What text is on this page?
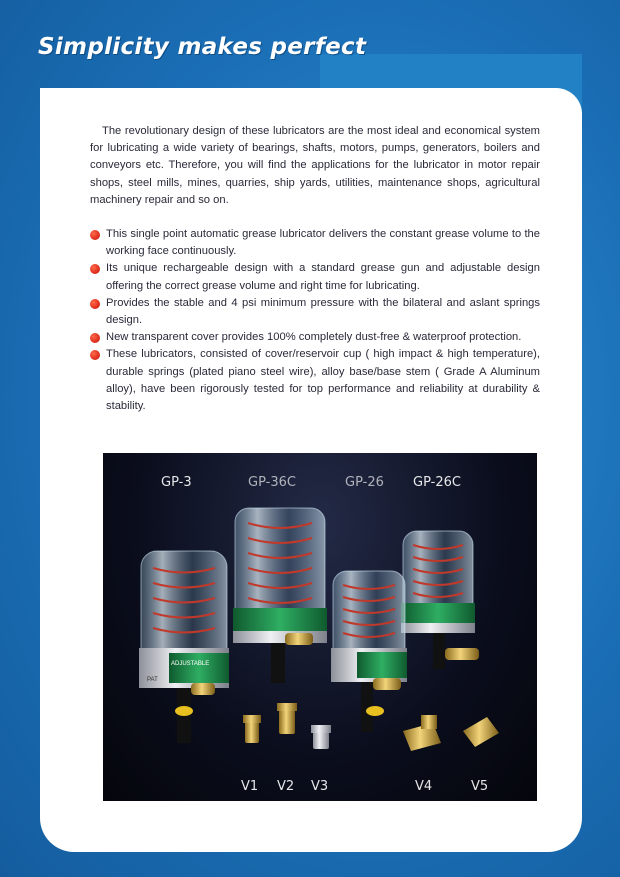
Simplicity makes perfect

The revolutionary design of these lubricators are the most ideal and economical system for lubricating a wide variety of bearings, shafts, motors, pumps, generators, boilers and conveyors etc. Therefore, you will find the applications for the lubricator in motor repair shops, steel mills, mines, quarries, ship yards, utilities, maintenance shops, agricultural machinery repair and so on.

This single point automatic grease lubricator delivers the constant grease volume to the working face continuously.
Its unique rechargeable design with a standard grease gun and adjustable design offering the correct grease volume and right time for lubricating.
Provides the stable and 4 psi minimum pressure with the bilateral and aslant springs design.
New transparent cover provides 100% completely dust-free & waterproof protection.
These lubricators, consisted of cover/reservoir cup ( high impact & high temperature), durable springs (plated piano steel wire), alloy base/base stem ( Grade A Aluminum alloy), have been rigorously tested for top performance and reliability at durability & stability.
ADJUSTABLE
PAT
GP-3	GP-36C	GP-26 GP-26C
V1 V2 V3	V4	V5
